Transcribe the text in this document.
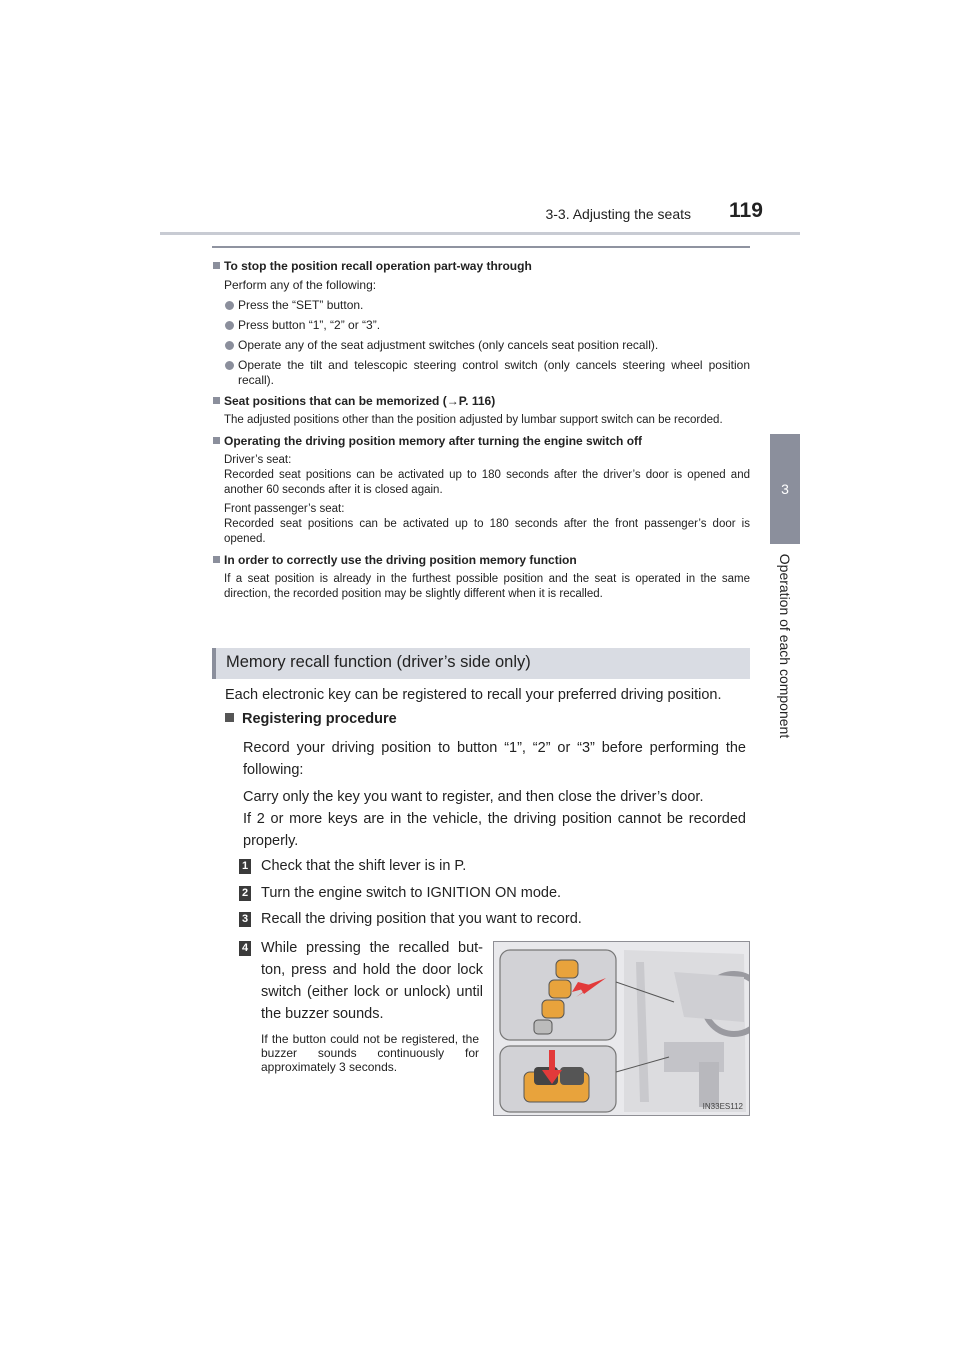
3-3. Adjusting the seats 119
3
Operation of each component
To stop the position recall operation part-way through
Perform any of the following:
Press the “SET” button.
Press button “1”, “2” or “3”.
Operate any of the seat adjustment switches (only cancels seat position recall).
Operate the tilt and telescopic steering control switch (only cancels steering wheel position recall).
Seat positions that can be memorized (→P. 116)
The adjusted positions other than the position adjusted by lumbar support switch can be recorded.
Operating the driving position memory after turning the engine switch off
Driver’s seat:
Recorded seat positions can be activated up to 180 seconds after the driver’s door is opened and another 60 seconds after it is closed again.
Front passenger’s seat:
Recorded seat positions can be activated up to 180 seconds after the front passenger’s door is opened.
In order to correctly use the driving position memory function
If a seat position is already in the furthest possible position and the seat is operated in the same direction, the recorded position may be slightly different when it is recalled.
Memory recall function (driver’s side only)
Each electronic key can be registered to recall your preferred driving position.
Registering procedure
Record your driving position to button “1”, “2” or “3” before performing the following:
Carry only the key you want to register, and then close the driver’s door.
If 2 or more keys are in the vehicle, the driving position cannot be recorded properly.
1 Check that the shift lever is in P.
2 Turn the engine switch to IGNITION ON mode.
3 Recall the driving position that you want to record.
4 While pressing the recalled but-
ton, press and hold the door lock
switch (either lock or unlock) until
the buzzer sounds.
If the button could not be registered, the buzzer sounds continuously for approximately 3 seconds.
IN33ES112
